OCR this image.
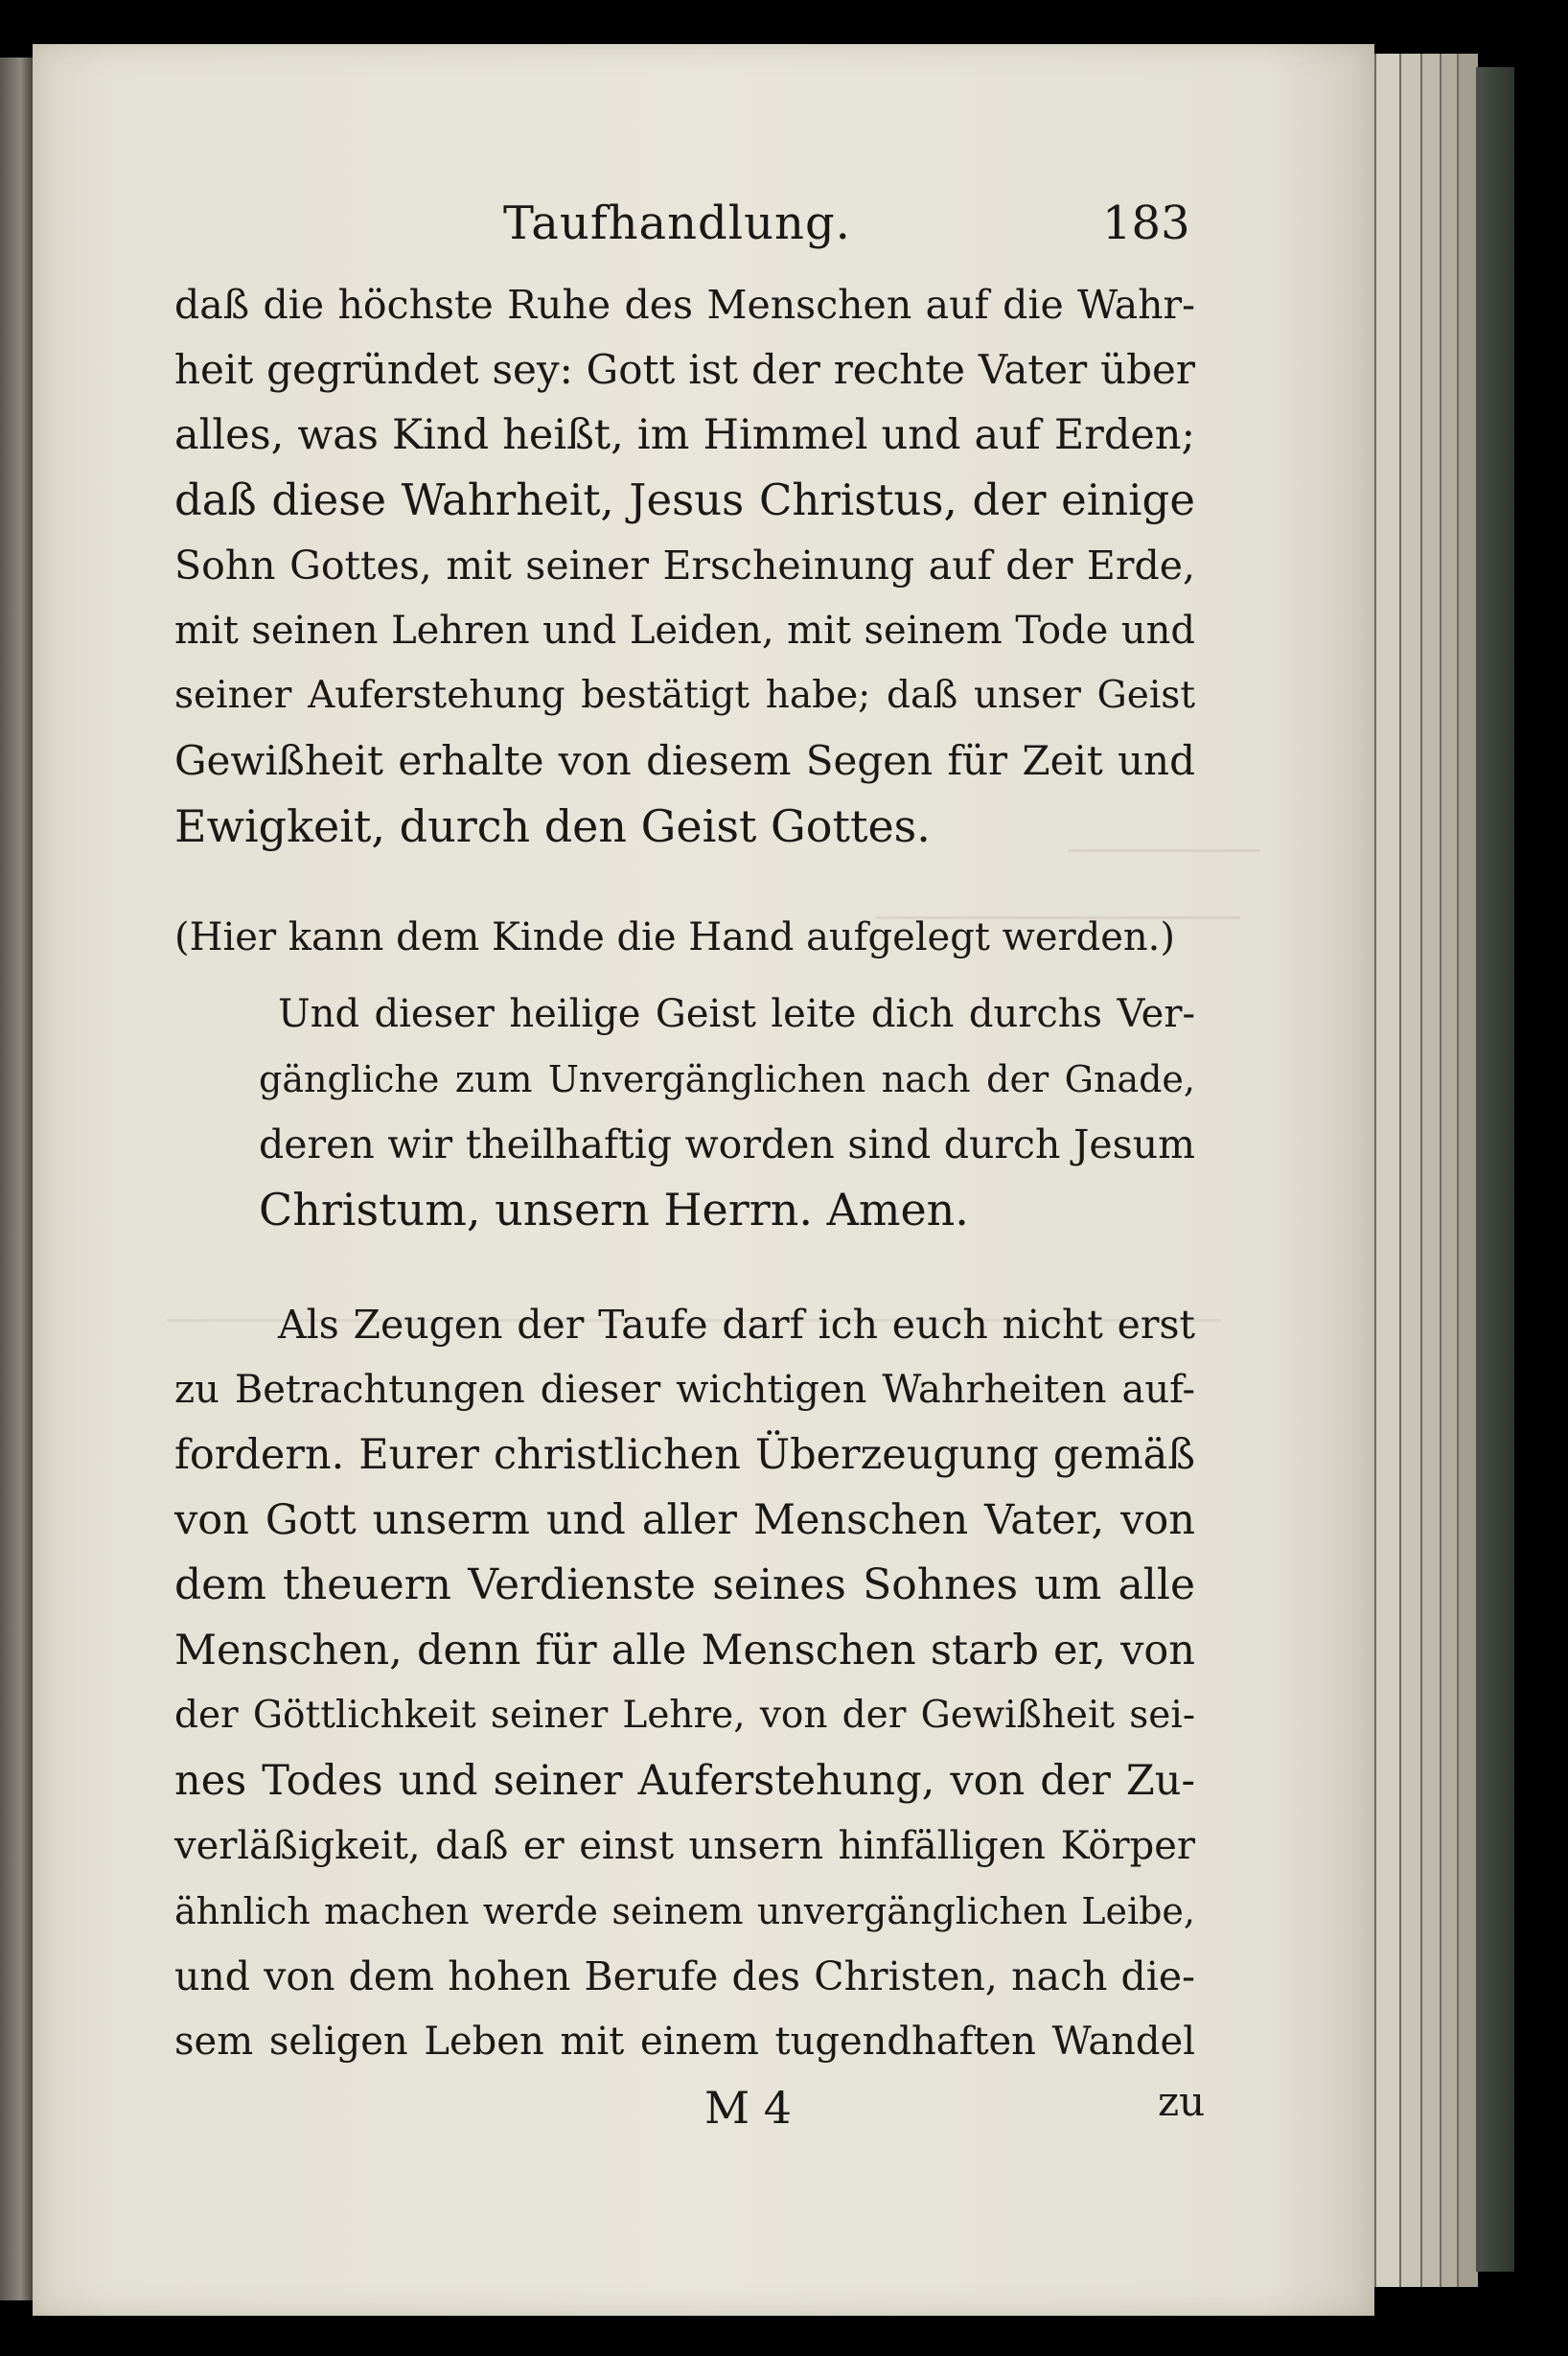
Taufhandlung.	183
daß die höchste Ruhe des Menschen auf die Wahr-
heit gegründet sey: Gott ist der rechte Vater über
alles, was Kind heißt, im Himmel und auf Erden;
daß diese Wahrheit, Jesus Christus, der einige
Sohn Gottes, mit seiner Erscheinung auf der Erde,
mit seinen Lehren und Leiden, mit seinem Tode und
seiner Auferstehung bestätigt habe; daß unser Geist
Gewißheit erhalte von diesem Segen für Zeit und
Ewigkeit, durch den Geist Gottes.
(Hier kann dem Kinde die Hand aufgelegt werden.)
Und dieser heilige Geist leite dich durchs Ver-
gängliche zum Unvergänglichen nach der Gnade,
deren wir theilhaftig worden sind durch Jesum
Christum, unsern Herrn. Amen.
Als Zeugen der Taufe darf ich euch nicht erst
zu Betrachtungen dieser wichtigen Wahrheiten auf-
fordern. Eurer christlichen Überzeugung gemäß
von Gott unserm und aller Menschen Vater, von
dem theuern Verdienste seines Sohnes um alle
Menschen, denn für alle Menschen starb er, von
der Göttlichkeit seiner Lehre, von der Gewißheit sei-
nes Todes und seiner Auferstehung, von der Zu-
verläßigkeit, daß er einst unsern hinfälligen Körper
ähnlich machen werde seinem unvergänglichen Leibe,
und von dem hohen Berufe des Christen, nach die-
sem seligen Leben mit einem tugendhaften Wandel
M 4	zu
